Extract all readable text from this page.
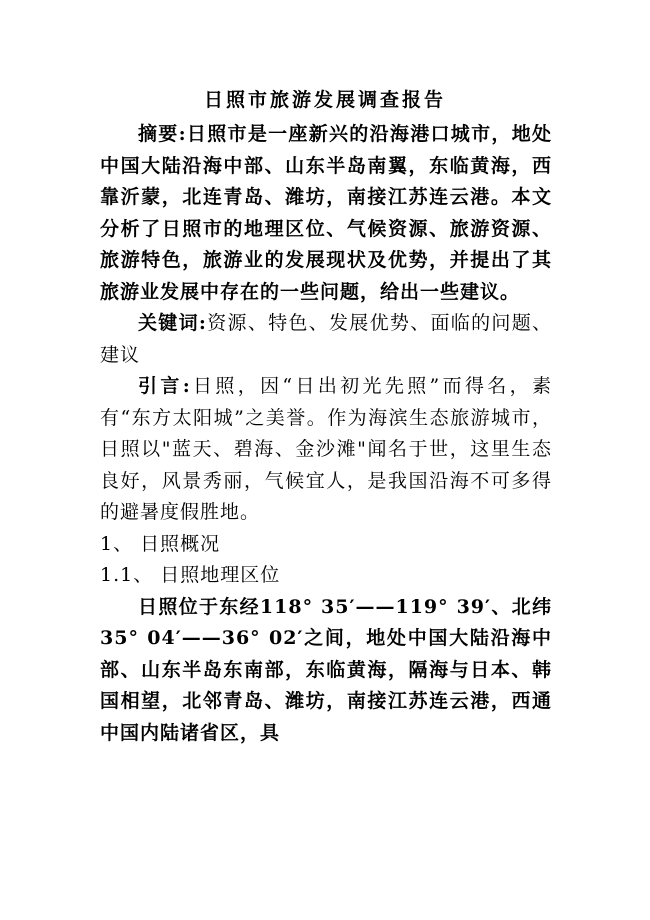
日照市旅游发展调查报告

摘要:日照市是一座新兴的沿海港口城市，地处中国大陆沿海中部、山东半岛南翼，东临黄海，西靠沂蒙，北连青岛、潍坊，南接江苏连云港。本文分析了日照市的地理区位、气候资源、旅游资源、旅游特色，旅游业的发展现状及优势，并提出了其旅游业发展中存在的一些问题，给出一些建议。

关键词:资源、特色、发展优势、面临的问题、建议

引言:日照，因“日出初光先照”而得名，素有“东方太阳城”之美誉。作为海滨生态旅游城市，日照以"蓝天、碧海、金沙滩"闻名于世，这里生态良好，风景秀丽，气候宜人，是我国沿海不可多得的避暑度假胜地。

1、 日照概况

1.1、 日照地理区位

日照位于东经118° 35′——119° 39′、北纬35° 04′——36° 02′之间，地处中国大陆沿海中部、山东半岛东南部，东临黄海，隔海与日本、韩国相望，北邻青岛、潍坊，南接江苏连云港，西通中国内陆诸省区，具
